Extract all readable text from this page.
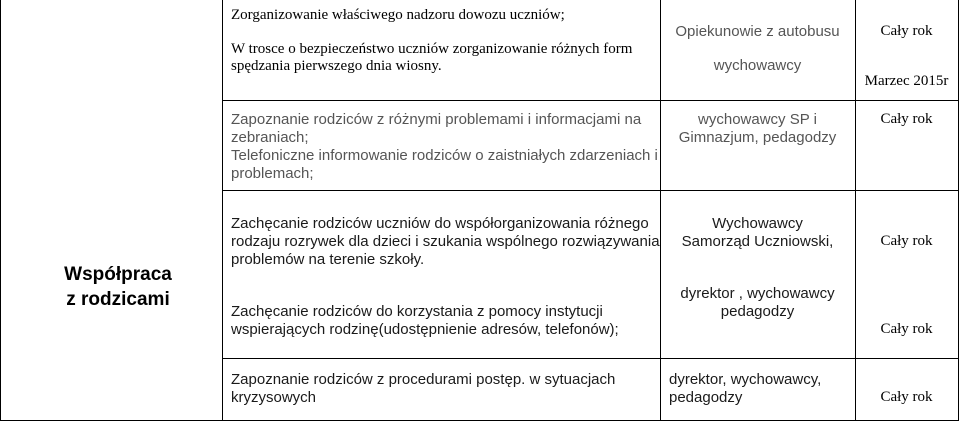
Współpraca
z rodzicami
Zorganizowanie właściwego nadzoru dowozu uczniów;
W trosce o bezpieczeństwo uczniów zorganizowanie różnych form
spędzania pierwszego dnia wiosny.
Opiekunowie z autobusu
wychowawcy
Cały rok
Marzec 2015r
Zapoznanie rodziców z różnymi problemami i informacjami na
zebraniach;
Telefoniczne informowanie rodziców o zaistniałych zdarzeniach i
problemach;
wychowawcy SP i
Gimnazjum, pedagodzy
Cały rok
Zachęcanie rodziców uczniów do współorganizowania różnego
rodzaju rozrywek dla dzieci i szukania wspólnego rozwiązywania
problemów na terenie szkoły.
Zachęcanie rodziców do korzystania z pomocy instytucji
wspierających rodzinę(udostępnienie adresów, telefonów);
Wychowawcy
Samorząd Uczniowski,
dyrektor , wychowawcy
pedagodzy
Cały rok
Cały rok
Zapoznanie rodziców z procedurami postęp. w sytuacjach
kryzysowych
dyrektor, wychowawcy,
pedagodzy	Cały rok
